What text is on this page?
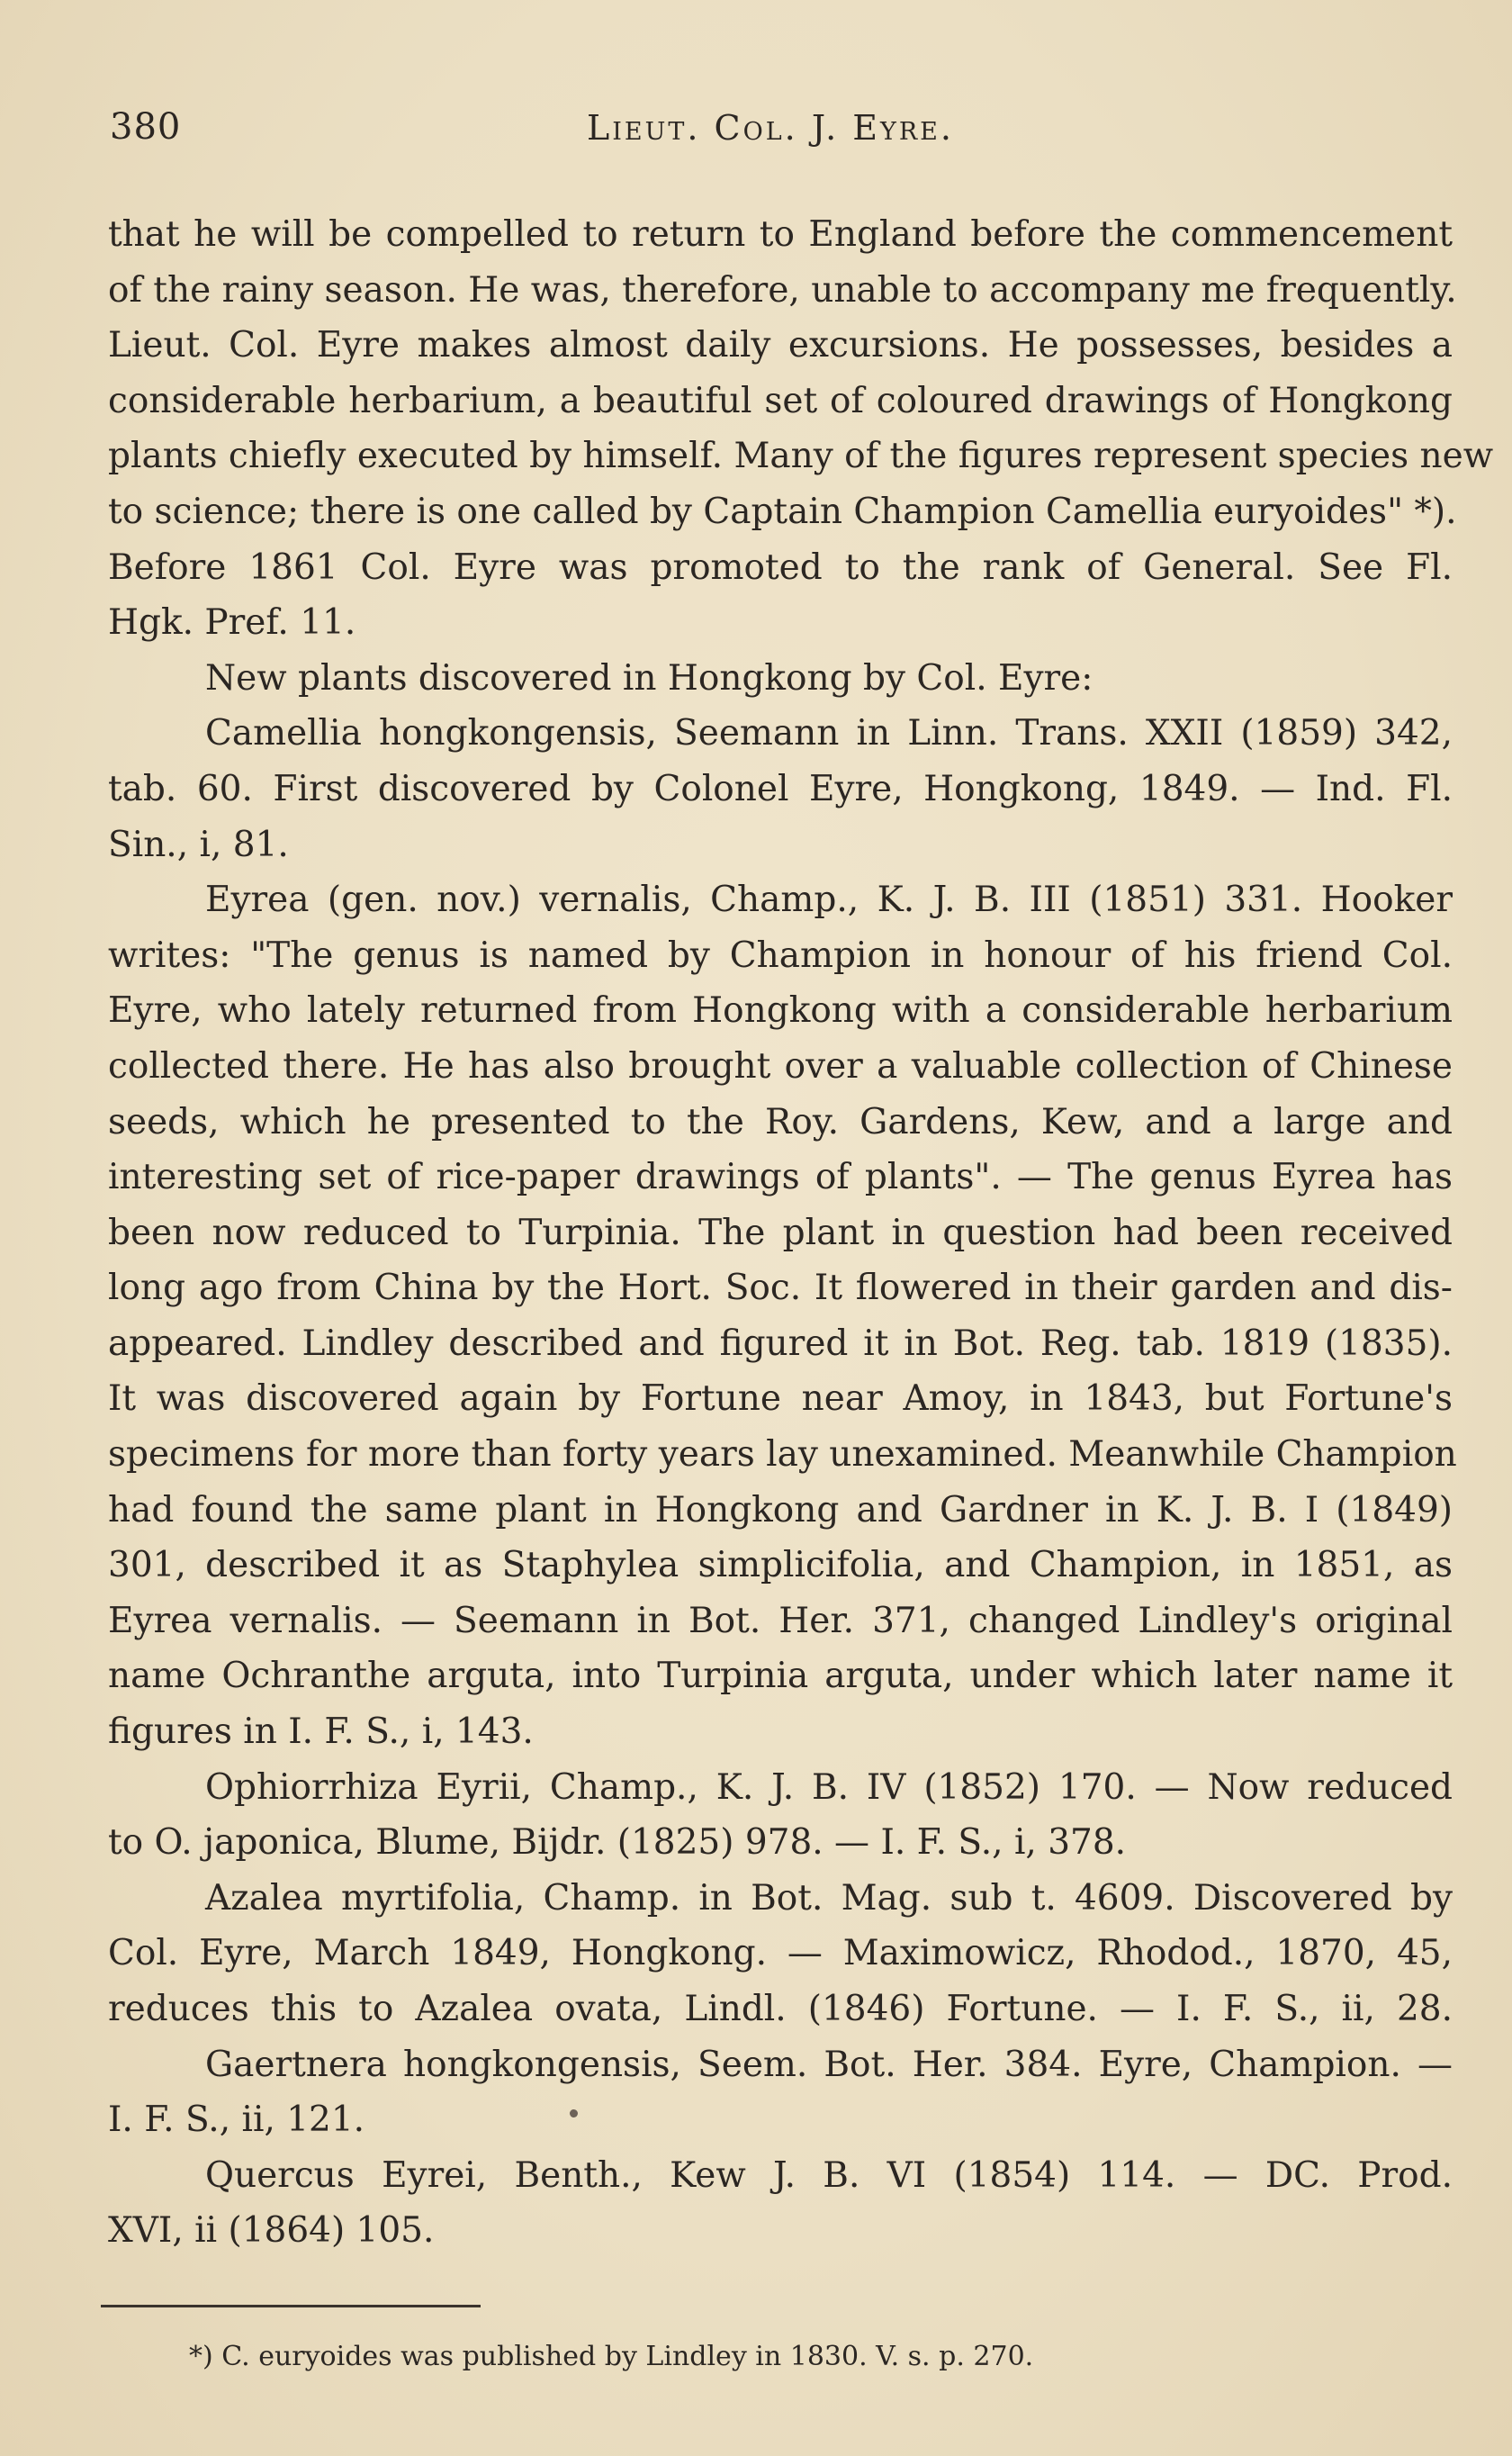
380	Lieut. Col. J. Eyre.
that he will be compelled to return to England before the commencement
of the rainy season. He was, therefore, unable to accompany me frequently.
Lieut. Col. Eyre makes almost daily excursions. He possesses, besides a
considerable herbarium, a beautiful set of coloured drawings of Hongkong
plants chiefly executed by himself. Many of the figures represent species new
to science; there is one called by Captain Champion Camellia euryoides" *).
Before 1861 Col. Eyre was promoted to the rank of General. See Fl.
Hgk. Pref. 11.
New plants discovered in Hongkong by Col. Eyre:
Camellia hongkongensis, Seemann in Linn. Trans. XXII (1859) 342,
tab. 60. First discovered by Colonel Eyre, Hongkong, 1849. — Ind. Fl.
Sin., i, 81.
Eyrea (gen. nov.) vernalis, Champ., K. J. B. III (1851) 331. Hooker
writes: "The genus is named by Champion in honour of his friend Col.
Eyre, who lately returned from Hongkong with a considerable herbarium
collected there. He has also brought over a valuable collection of Chinese
seeds, which he presented to the Roy. Gardens, Kew, and a large and
interesting set of rice-paper drawings of plants". — The genus Eyrea has
been now reduced to Turpinia. The plant in question had been received
long ago from China by the Hort. Soc. It flowered in their garden and dis-
appeared. Lindley described and figured it in Bot. Reg. tab. 1819 (1835).
It was discovered again by Fortune near Amoy, in 1843, but Fortune's
specimens for more than forty years lay unexamined. Meanwhile Champion
had found the same plant in Hongkong and Gardner in K. J. B. I (1849)
301, described it as Staphylea simplicifolia, and Champion, in 1851, as
Eyrea vernalis. — Seemann in Bot. Her. 371, changed Lindley's original
name Ochranthe arguta, into Turpinia arguta, under which later name it
figures in I. F. S., i, 143.
Ophiorrhiza Eyrii, Champ., K. J. B. IV (1852) 170. — Now reduced
to O. japonica, Blume, Bijdr. (1825) 978. — I. F. S., i, 378.
Azalea myrtifolia, Champ. in Bot. Mag. sub t. 4609. Discovered by
Col. Eyre, March 1849, Hongkong. — Maximowicz, Rhodod., 1870, 45,
reduces this to Azalea ovata, Lindl. (1846) Fortune. — I. F. S., ii, 28.
Gaertnera hongkongensis, Seem. Bot. Her. 384. Eyre, Champion. —
I. F. S., ii, 121.
Quercus Eyrei, Benth., Kew J. B. VI (1854) 114. — DC. Prod.
XVI, ii (1864) 105.
*) C. euryoides was published by Lindley in 1830. V. s. p. 270.
